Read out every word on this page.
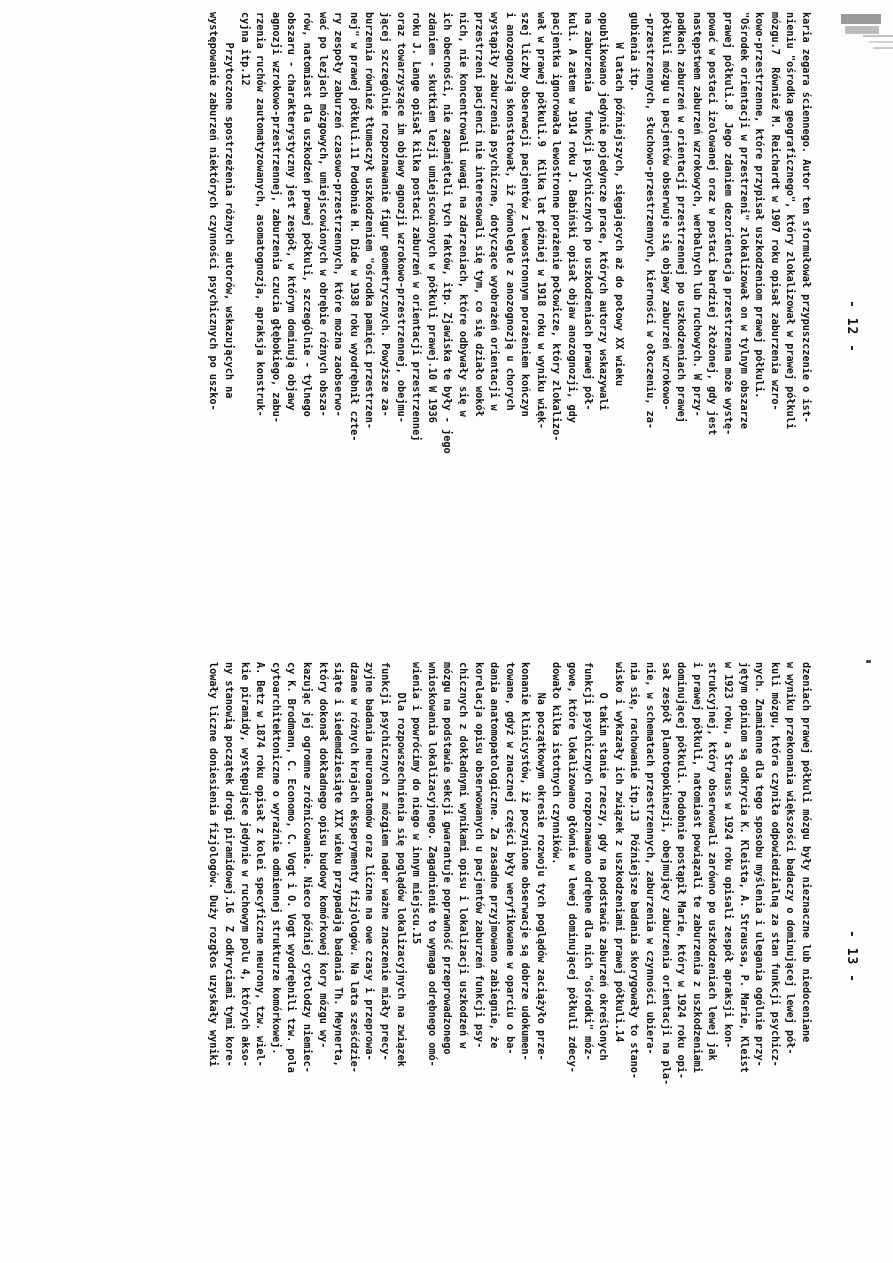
- 12 -
- 13 -

karia zegara ściennego. Autor ten sformułował przypuszczenie o ist-

nieniu "ośrodka geograficznego", który zlokalizował w prawej półkuli

mózgu.7  Również M. Reichardt w 1907 roku opisał zaburzenia wzro-

kowo-przestrzenne, które przypisał uszkodzeniom prawej półkuli.

"Ośrodek orientacji w przestrzeni" zlokalizował on w tylnym obszarze

prawej półkuli.8  Jego zdaniem dezorientacja przestrzenna może wystę-

pować w postaci izolowanej oraz w postaci bardziej złożonej, gdy jest

następstwem zaburzeń wzrokowych, werbalnych lub ruchowych. W przy-

padkach zaburzeń w orientacji przestrzennej po uszkodzeniach prawej

półkuli mózgu u pacjentów obserwuje się objawy zaburzeń wzrokowo-

-przestrzennych, słuchowo-przestrzennych, kierności w ołoczeniu, za-

gubienia itp.

W latach późniejszych, sięgających aż do połowy XX wieku

opublikowano jedynie pojedyncze prace, których autorzy wskazywali

na zaburzenia   funkcji psychicznych po uszkodzeniach prawej pół-

kuli. A zatem w 1914 roku J. Babiński opisał objaw anozognozji, gdy

pacjentka ignorowała lewostronne porażenie połowicze, który zlokalizo-

wał w prawej półkuli.9  Kilka lat później w 1918 roku w wyniku więk-

szej liczby obserwacji pacjentów z lewostronnym porażeniem kończyn

i anozognozją skonstatował, iż równolegle z anozognozją u chorych

wystąpiły zaburzenia psychiczne, dotyczące wyobrażeń orientacji w

przestrzeni pacjenci nie interesowali się tym, co się działo wokół

nich, nie koncentrowali uwagi na zdarzeniach, które odbywały się w

ich obecności, nie zapamiętali tych faktów, itp. Zjawiska te były - jego

zdaniem - skutkiem lezji umiejscowionych w półkuli prawej.10 W 1936

roku J. Lange opisał kilka postaci zaburzeń w orientacji przestrzennej

oraz towarzyszące im objawy agnozji wzrokowo-przestrzennej, obejmu-

jącej szczególnie rozpoznawanie figur geometrycznych. Powyższe za-

burzenia również tłumaczył uszkodzeniem "ośrodka pamięci przestrzen-

nej" w prawej półkuli.11 Podobnie H. Dide w 1938 roku wyodrębnił czte-

ry zespoły zaburzeń czasowo-przestrzennych, które można zaobserwo-

wać po lezjach mózgowych, umiejscowionych w obrębie różnych obsza-

rów, natomiast dla uszkodzeń prawej półkuli, szczególnie - tylnego

obszaru - charakterystyczny jest zespół, w którym dominują objawy

agnozji wzrokowo-przestrzennej, zaburzenia czucia głębokiego, zabu-

rzenia ruchów zautomatyzowanych, asomatognozja, apraksja konstruk-

cyjna itp.12

Przytoczone spostrzeżenia różnych autorów, wskazujących na

występowanie zaburzeń niektórych czynności psychicznych po uszko-

dzeniach prawej półkuli mózgu były nieznaczne lub niedoceniane

w wyniku przekonania większości badaczy o dominującej lewej pół-

kuli mózgu, która czyniła odpowiedzialną za stan funkcji psychicz-

nych. Znamienne dla tego sposobu myślenia i ulegania ogólnie przy-

jętym opiniom są odkrycia K. Kleista, A. Straussa, P. Marie, Kleist

w 1923 roku, a Strauss w 1924 roku opisali zespół apraksji kon-

strukcyjnej, który obserwowali zarówno po uszkodzeniach lewej jak

i prawej półkuli, natomiast powiązali te zaburzenia z uszkodzeniami

dominującej półkuli. Podobnie postąpił Marie, który w 1924 roku opi-

sał zespół planotopokinezji, obejmujący zaburzenia orientacji na pla-

nie, w schematach przestrzennych, zaburzenia w czynności ubiera-

nia się, rachowanie itp.13  Późniejsze badania skorygowały to stano-

wisko i wykazały ich związek z uszkodzeniami prawej półkuli.14

O takim stanie rzeczy, gdy na podstawie zaburzeń określonych

funkcji psychicznych rozpoznawano odrębne dla nich "ośrodki" móz-

gowe, które lokalizowano głównie w lewej dominującej półkuli zdecy-

dowało kilka istotnych czynników.

Na początkowym okresie rozwoju tych poglądów zaciążyło prze-

konanie klinicystów, iż poczynione obserwacje są dobrze udokumen-

towane, gdyż w znacznej części były weryfikowane w oparciu o ba-

dania anatomopatologiczne. Za zasadne przyjmowano zabiegnie, że

korelacja opisu obserwowanych u pacjentów zaburzeń funkcji psy-

chicznych z dokładnymi wynikami opisu i lokalizacji uszkodzeń w

mózgu na podstawie sekcji gwarantuje poprawność przeprowadzonego

wnioskowania lokalizacyjnego. Zagadnienie to wymaga odrębnego omó-

wienia i powrócimy do niego w innym miejscu.15

Dla rozpowszechnienia się poglądów lokalizacyjnych na związek

funkcji psychicznych z mózgiem nader ważne znaczenie miały precy-

zyjne badania neuroanatomów oraz liczne na owe czasy i przeprowa-

dzane w różnych krajach eksperymenty fizjologów. Na lata sześćdzie-

siąte i siedemdziesiąte XIX wieku przypadają badania Th. Meynerta,

który dokonał dokładnego opisu budowy komórkowej kory mózgu wy-

kazując jej ogromne zróżnicowanie. Nieco później cytolodzy niemiec-

cy K. Brodmann, C. Economo, C. Vogt i O. Vogt wyodrębnili tzw. pola

cytoarchitektoniczne o wyraźnie odmiennej strukturze komórkowej.

A. Betz w 1874 roku opisał z kolei specyficzne neurony, tzw. wiel-

kie piramidy, występujące jedynie w ruchowym polu 4, których akso-

ny stanowią początek drogi piramidowej.16  Z odkryciami tymi kore-

lowały liczne doniesienia fizjologów. Duży rozgłos uzyskały wyniki
